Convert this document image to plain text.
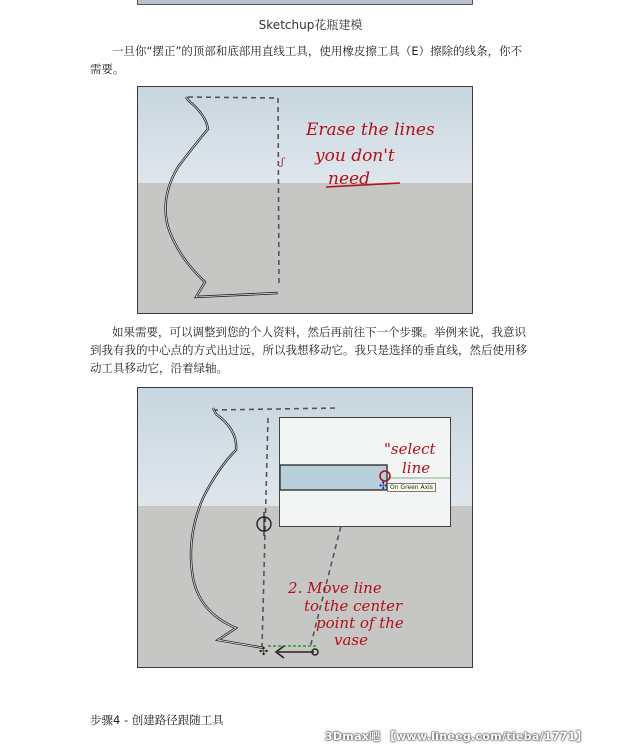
Sketchup花瓶建模
一旦你“摆正”的顶部和底部用直线工具，使用橡皮擦工具（E）擦除的线条，你不需要。
ʃ
Erase the lines
you don't
need
如果需要，可以调整到您的个人资料，然后再前往下一个步骤。举例来说，我意识到我有我的中心点的方式出过远，所以我想移动它。我只是选择的垂直线，然后使用移动工具移动它，沿着绿轴。
✣
2. Move line
to the center
point of the
vase
✣
"select
line
On Green Axis
步骤4 - 创建路径跟随工具
3Dmax吧 【www.lineeg.com/tieba/1771】
